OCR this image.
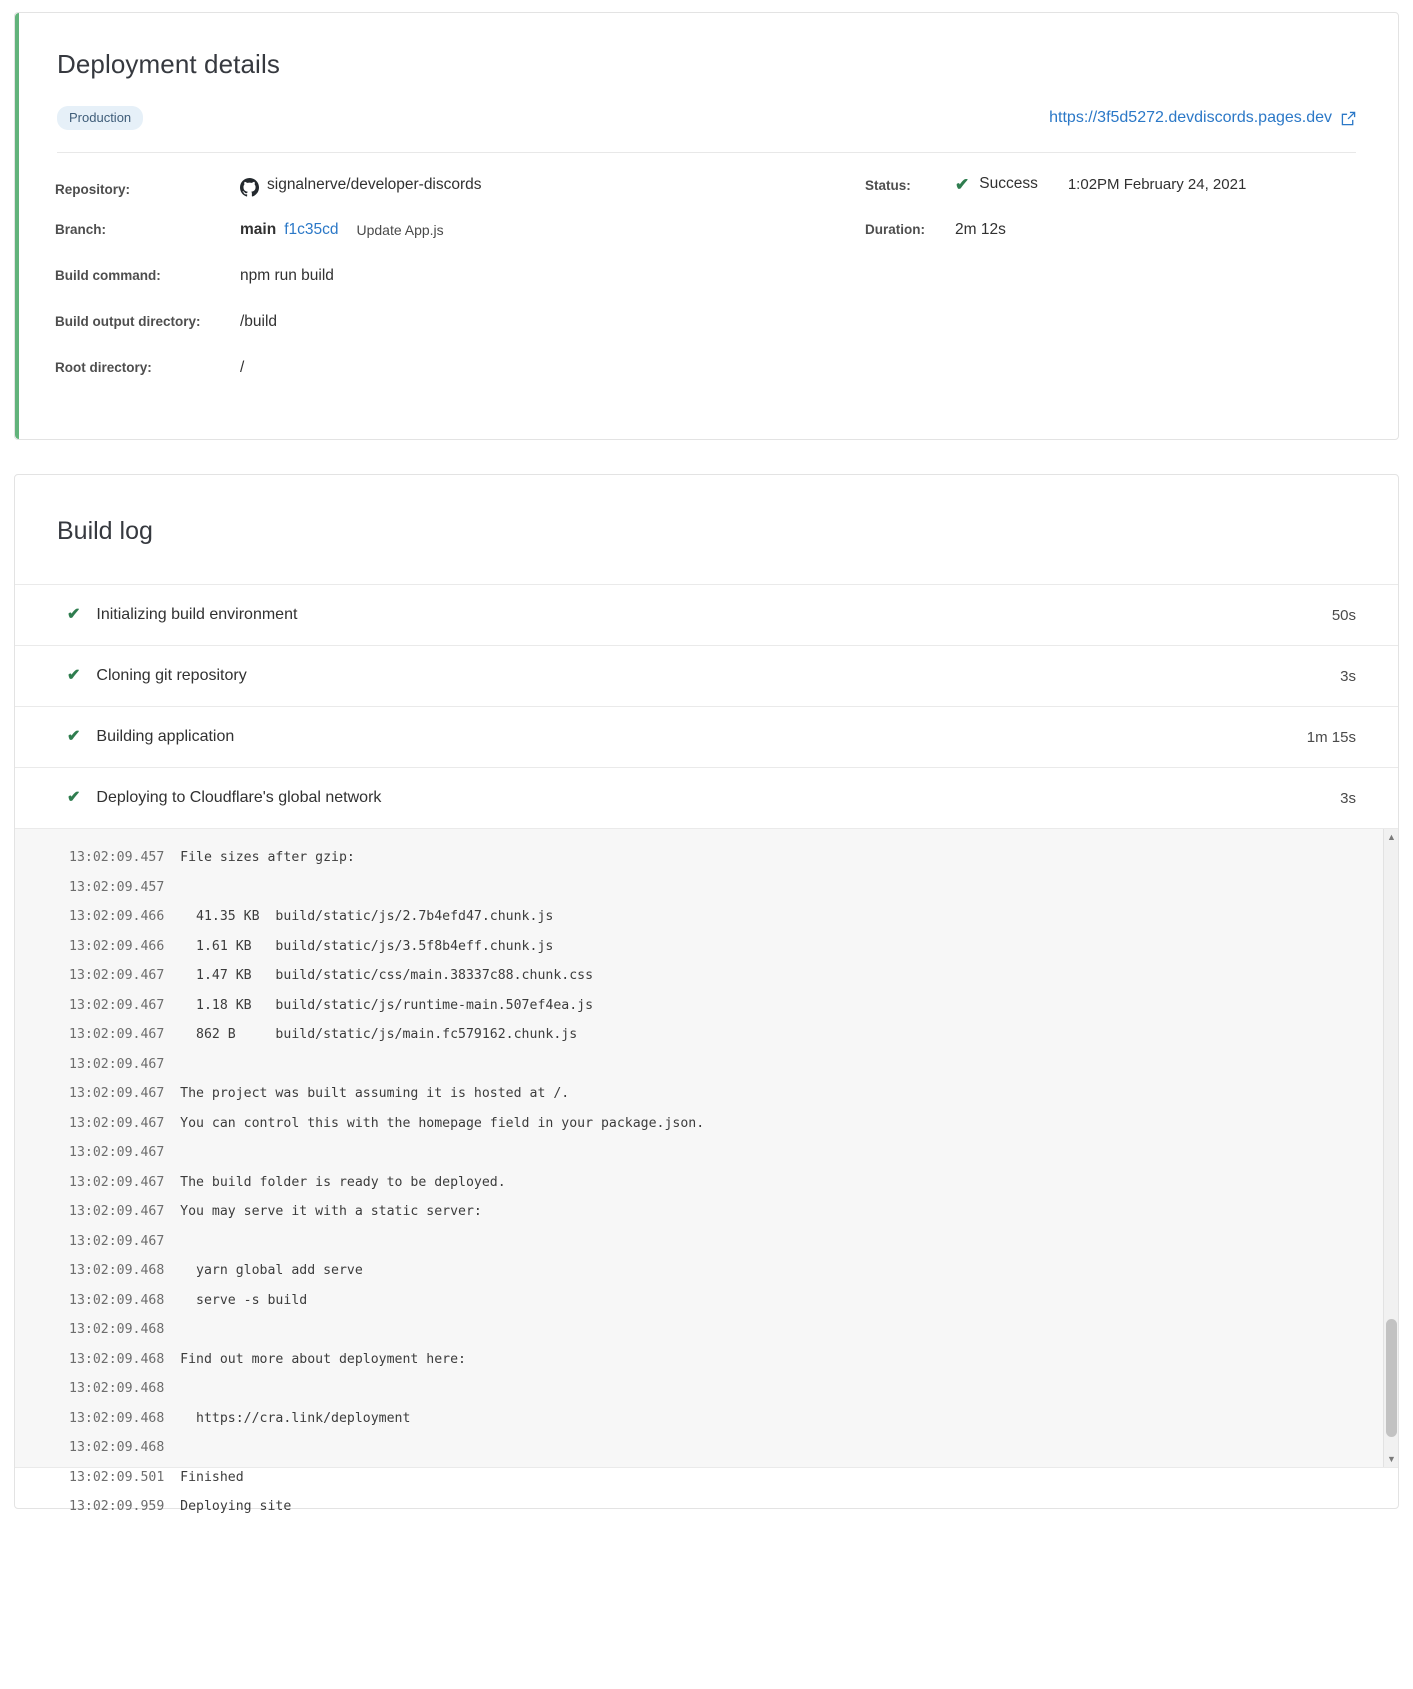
Deployment details
Production	https://3f5d5272.devdiscords.pages.dev
Repository:	signalnerve/developer-discords
Branch:	main f1c35cd Update App.js
Build command:	npm run build
Build output directory:	/build
Root directory:	/
Status:	✔ Success 1:02PM February 24, 2021
Duration:	2m 12s
Build log
✔ Initializing build environment	50s
✔ Cloning git repository	3s
✔ Building application	1m 15s
✔ Deploying to Cloudflare's global network	3s
13:02:09.457  File sizes after gzip:
13:02:09.457
13:02:09.466    41.35 KB  build/static/js/2.7b4efd47.chunk.js
13:02:09.466    1.61 KB   build/static/js/3.5f8b4eff.chunk.js
13:02:09.467    1.47 KB   build/static/css/main.38337c88.chunk.css
13:02:09.467    1.18 KB   build/static/js/runtime-main.507ef4ea.js
13:02:09.467    862 B     build/static/js/main.fc579162.chunk.js
13:02:09.467
13:02:09.467  The project was built assuming it is hosted at /.
13:02:09.467  You can control this with the homepage field in your package.json.
13:02:09.467
13:02:09.467  The build folder is ready to be deployed.
13:02:09.467  You may serve it with a static server:
13:02:09.467
13:02:09.468    yarn global add serve
13:02:09.468    serve -s build
13:02:09.468
13:02:09.468  Find out more about deployment here:
13:02:09.468
13:02:09.468    https://cra.link/deployment
13:02:09.468
13:02:09.501  Finished
13:02:09.959  Deploying site
▲
▼
